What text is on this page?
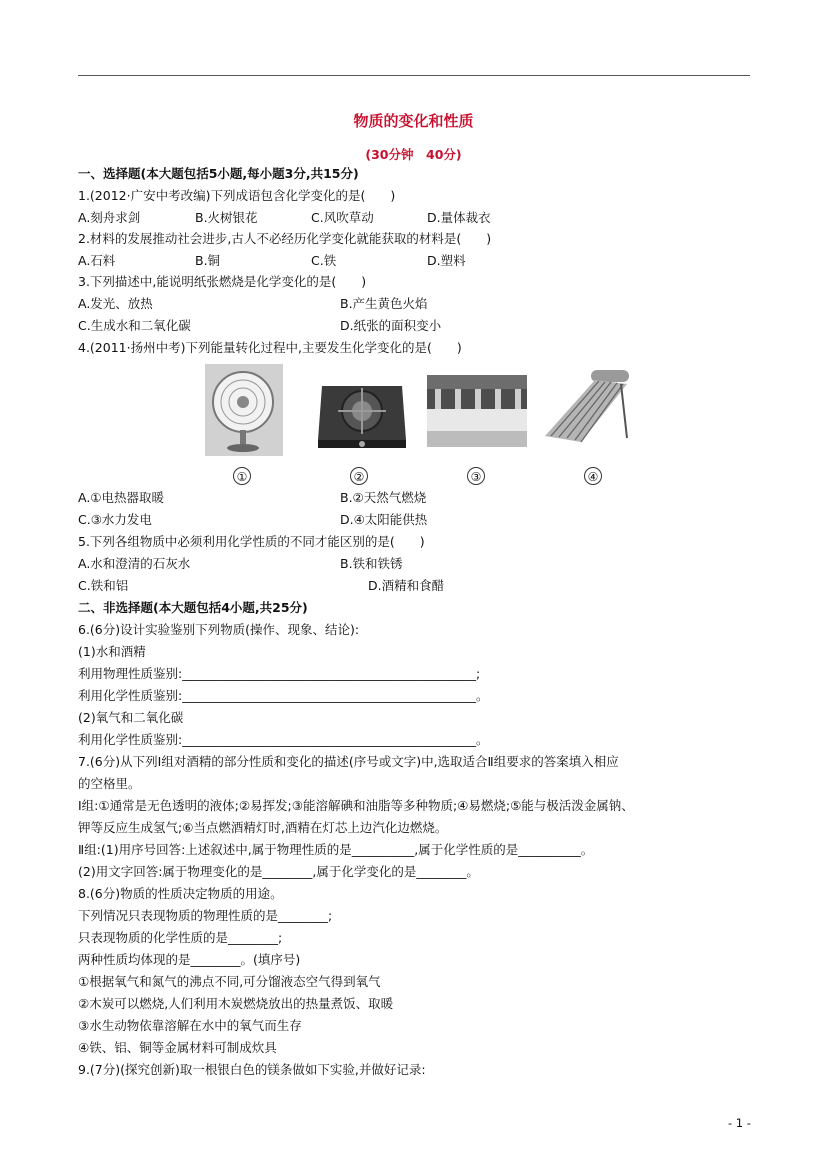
物质的变化和性质
(30分钟　40分)
一、选择题(本大题包括5小题,每小题3分,共15分)
1.(2012·广安中考改编)下列成语包含化学变化的是(　　)
A.刻舟求剑	B.火树银花	C.风吹草动	D.量体裁衣
2.材料的发展推动社会进步,古人不必经历化学变化就能获取的材料是(　　)
A.石料	B.铜	C.铁	D.塑料
3.下列描述中,能说明纸张燃烧是化学变化的是(　　)
A.发光、放热	B.产生黄色火焰
C.生成水和二氧化碳	D.纸张的面积变小
4.(2011·扬州中考)下列能量转化过程中,主要发生化学变化的是(　　)
①	②	③	④
A.①电热器取暖	B.②天然气燃烧
C.③水力发电	D.④太阳能供热
5.下列各组物质中必须利用化学性质的不同才能区别的是(　　)
A.水和澄清的石灰水	B.铁和铁锈
C.铁和铝	D.酒精和食醋
二、非选择题(本大题包括4小题,共25分)
6.(6分)设计实验鉴别下列物质(操作、现象、结论):
(1)水和酒精
利用物理性质鉴别:_______________________________________________;
利用化学性质鉴别:_______________________________________________。
(2)氧气和二氧化碳
利用化学性质鉴别:_______________________________________________。
7.(6分)从下列Ⅰ组对酒精的部分性质和变化的描述(序号或文字)中,选取适合Ⅱ组要求的答案填入相应
的空格里。
Ⅰ组:①通常是无色透明的液体;②易挥发;③能溶解碘和油脂等多种物质;④易燃烧;⑤能与极活泼金属钠、
钾等反应生成氢气;⑥当点燃酒精灯时,酒精在灯芯上边汽化边燃烧。
Ⅱ组:(1)用序号回答:上述叙述中,属于物理性质的是__________,属于化学性质的是__________。
(2)用文字回答:属于物理变化的是________,属于化学变化的是________。
8.(6分)物质的性质决定物质的用途。
下列情况只表现物质的物理性质的是________;
只表现物质的化学性质的是________;
两种性质均体现的是________。(填序号)
①根据氧气和氮气的沸点不同,可分馏液态空气得到氧气
②木炭可以燃烧,人们利用木炭燃烧放出的热量煮饭、取暖
③水生动物依靠溶解在水中的氧气而生存
④铁、铝、铜等金属材料可制成炊具
9.(7分)(探究创新)取一根银白色的镁条做如下实验,并做好记录:
- 1 -
